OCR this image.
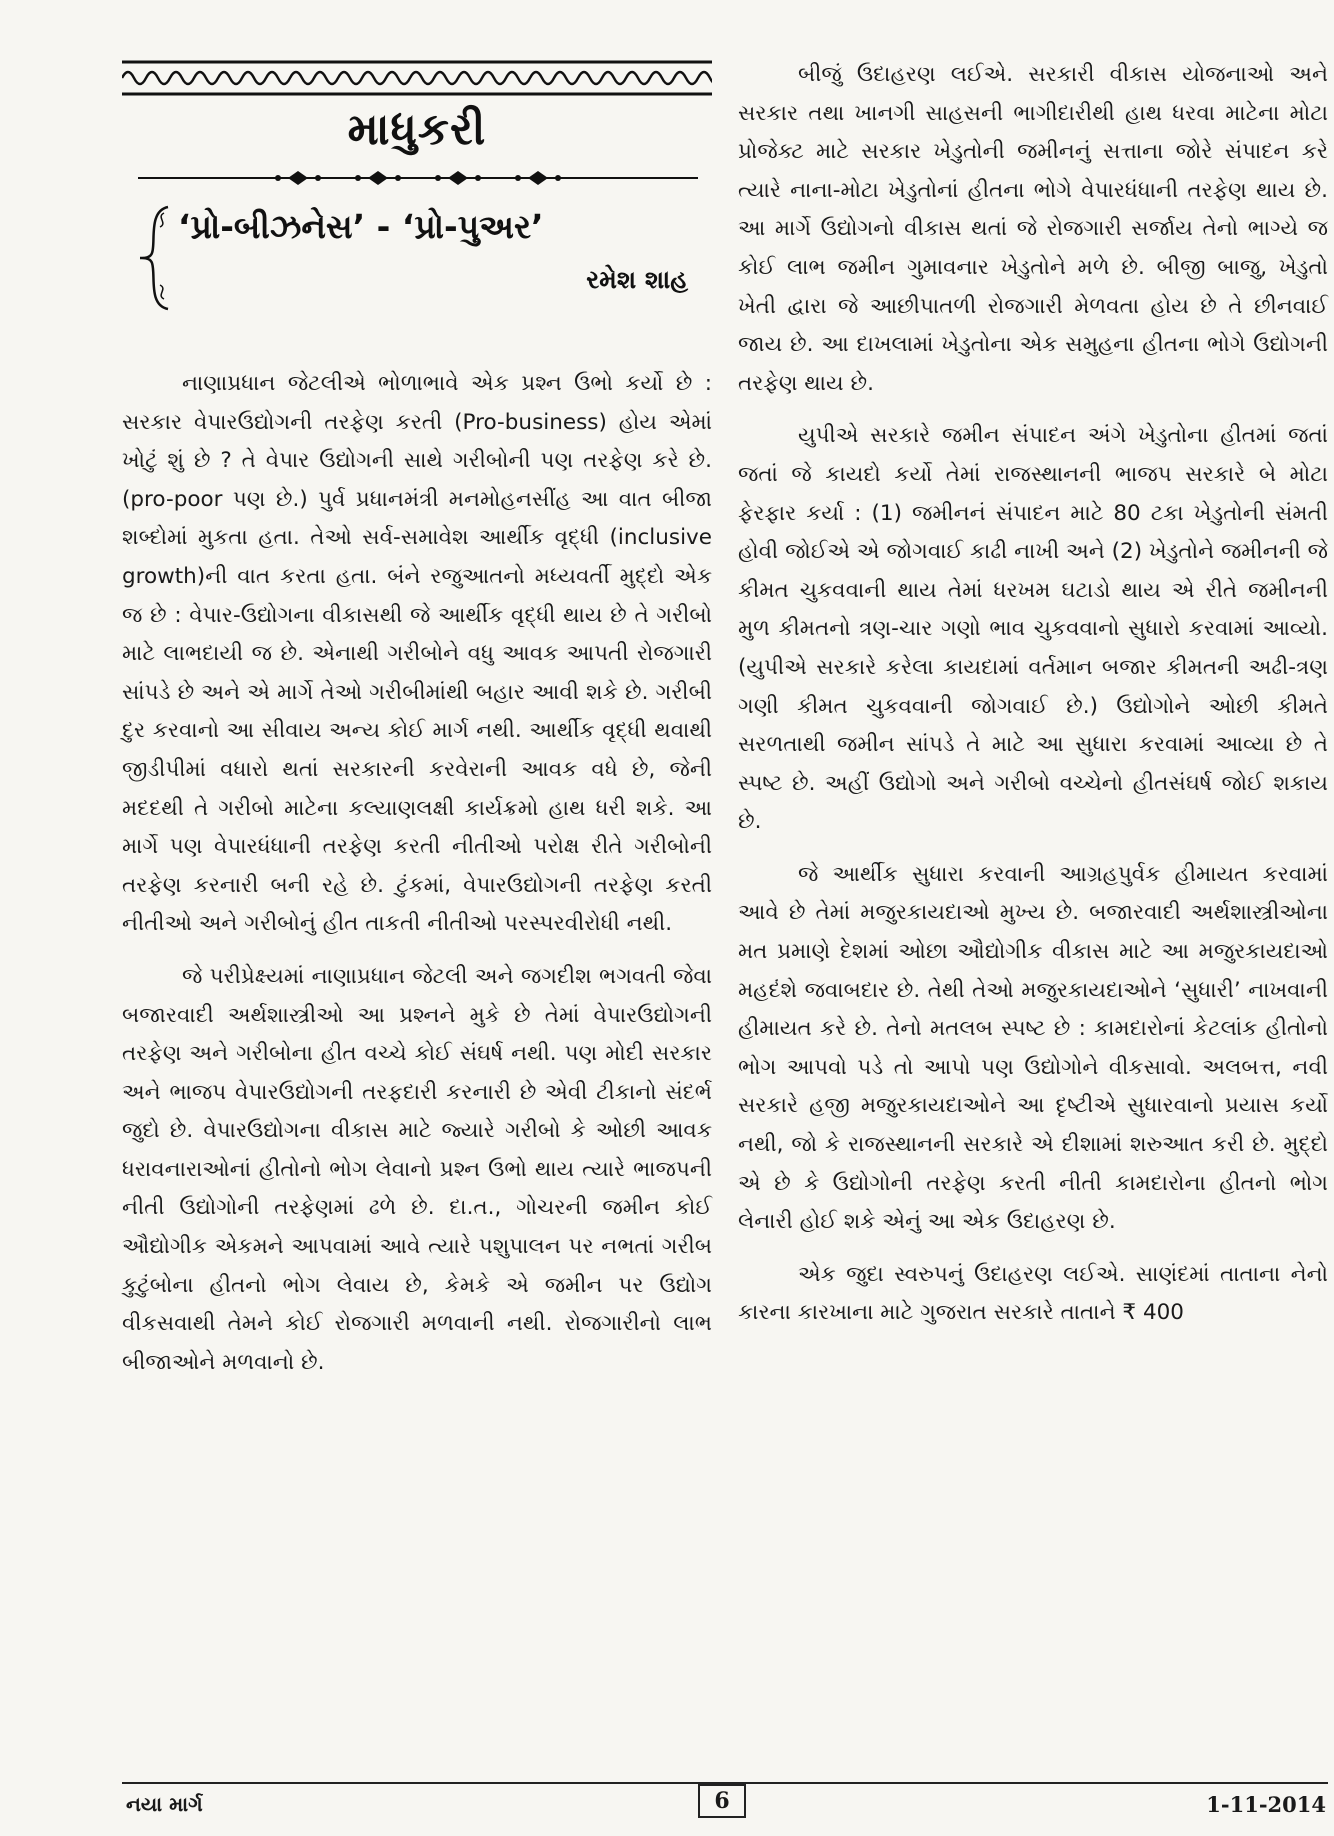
માધુકરી
‘પ્રો-બીઝનેસ’ - ‘પ્રો-પુઅર’
રમેશ શાહ

નાણાપ્રધાન જેટલીએ ભોળાભાવે એક પ્રશ્ન ઉભો કર્યો છે : સરકાર વેપારઉદ્યોગની તરફેણ કરતી (Pro-business) હોય એમાં ખોટું શું છે ? તે વેપાર ઉદ્યોગની સાથે ગરીબોની પણ તરફેણ કરે છે. (pro-poor પણ છે.) પુર્વ પ્રધાનમંત્રી મનમોહનસીંહ આ વાત બીજા શબ્દોમાં મુકતા હતા. તેઓ સર્વ-સમાવેશ આર્થીક વૃદ્ધી (inclusive growth)ની વાત કરતા હતા. બંને રજુઆતનો મધ્યવર્તી મુદ્દો એક જ છે : વેપાર-ઉદ્યોગના વીકાસથી જે આર્થીક વૃદ્ધી થાય છે તે ગરીબો માટે લાભદાયી જ છે. એનાથી ગરીબોને વધુ આવક આપતી રોજગારી સાંપડે છે અને એ માર્ગે તેઓ ગરીબીમાંથી બહાર આવી શકે છે. ગરીબી દુર કરવાનો આ સીવાય અન્ય કોઈ માર્ગ નથી. આર્થીક વૃદ્ધી થવાથી જીડીપીમાં વધારો થતાં સરકારની કરવેરાની આવક વધે છે, જેની મદદથી તે ગરીબો માટેના કલ્યાણલક્ષી કાર્યક્રમો હાથ ધરી શકે. આ માર્ગે પણ વેપારધંધાની તરફેણ કરતી નીતીઓ પરોક્ષ રીતે ગરીબોની તરફેણ કરનારી બની રહે છે. ટુંકમાં, વેપારઉદ્યોગની તરફેણ કરતી નીતીઓ અને ગરીબોનું હીત તાકતી નીતીઓ પરસ્પરવીરોધી નથી.

જે પરીપ્રેક્ષ્યમાં નાણાપ્રધાન જેટલી અને જગદીશ ભગવતી જેવા બજારવાદી અર્થશાસ્ત્રીઓ આ પ્રશ્નને મુકે છે તેમાં વેપારઉદ્યોગની તરફેણ અને ગરીબોના હીત વચ્ચે કોઈ સંઘર્ષ નથી. પણ મોદી સરકાર અને ભાજપ વેપારઉદ્યોગની તરફદારી કરનારી છે એવી ટીકાનો સંદર્ભ જુદો છે. વેપારઉદ્યોગના વીકાસ માટે જ્યારે ગરીબો કે ઓછી આવક ધરાવનારાઓનાં હીતોનો ભોગ લેવાનો પ્રશ્ન ઉભો થાય ત્યારે ભાજપની નીતી ઉદ્યોગોની તરફેણમાં ઢળે છે. દા.ત., ગોચરની જમીન કોઈ ઔદ્યોગીક એકમને આપવામાં આવે ત્યારે પશુપાલન પર નભતાં ગરીબ કુટુંબોના હીતનો ભોગ લેવાય છે, કેમકે એ જમીન પર ઉદ્યોગ વીકસવાથી તેમને કોઈ રોજગારી મળવાની નથી. રોજગારીનો લાભ બીજાઓને મળવાનો છે.

બીજું ઉદાહરણ લઈએ. સરકારી વીકાસ યોજનાઓ અને સરકાર તથા ખાનગી સાહસની ભાગીદારીથી હાથ ધરવા માટેના મોટા પ્રોજેક્ટ માટે સરકાર ખેડુતોની જમીનનું સત્તાના જોરે સંપાદન કરે ત્યારે નાના-મોટા ખેડુતોનાં હીતના ભોગે વેપારધંધાની તરફેણ થાય છે. આ માર્ગે ઉદ્યોગનો વીકાસ થતાં જે રોજગારી સર્જાય તેનો ભાગ્યે જ કોઈ લાભ જમીન ગુમાવનાર ખેડુતોને મળે છે. બીજી બાજુ, ખેડુતો ખેતી દ્વારા જે આછીપાતળી રોજગારી મેળવતા હોય છે તે છીનવાઈ જાય છે. આ દાખલામાં ખેડુતોના એક સમુહના હીતના ભોગે ઉદ્યોગની તરફેણ થાય છે.

યુપીએ સરકારે જમીન સંપાદન અંગે ખેડુતોના હીતમાં જતાં જતાં જે કાયદો કર્યો તેમાં રાજસ્થાનની ભાજપ સરકારે બે મોટા ફેરફાર કર્યા : (1) જમીનનં સંપાદન માટે 80 ટકા ખેડુતોની સંમતી હોવી જોઈએ એ જોગવાઈ કાઢી નાખી અને (2) ખેડુતોને જમીનની જે કીમત ચુકવવાની થાય તેમાં ધરખમ ઘટાડો થાય એ રીતે જમીનની મુળ કીમતનો ત્રણ-ચાર ગણો ભાવ ચુકવવાનો સુધારો કરવામાં આવ્યો. (યુપીએ સરકારે કરેલા કાયદામાં વર્તમાન બજાર કીમતની અઢી-ત્રણ ગણી કીમત ચુકવવાની જોગવાઈ છે.) ઉદ્યોગોને ઓછી કીમતે સરળતાથી જમીન સાંપડે તે માટે આ સુધારા કરવામાં આવ્યા છે તે સ્પષ્ટ છે. અહીં ઉદ્યોગો અને ગરીબો વચ્ચેનો હીતસંઘર્ષ જોઈ શકાય છે.

જે આર્થીક સુધારા કરવાની આગ્રહપુર્વક હીમાયત કરવામાં આવે છે તેમાં મજુરકાયદાઓ મુખ્ય છે. બજારવાદી અર્થશાસ્ત્રીઓના મત પ્રમાણે દેશમાં ઓછા ઔદ્યોગીક વીકાસ માટે આ મજુરકાયદાઓ મહદંશે જવાબદાર છે. તેથી તેઓ મજુરકાયદાઓને ‘સુધારી’ નાખવાની હીમાયત કરે છે. તેનો મતલબ સ્પષ્ટ છે : કામદારોનાં કેટલાંક હીતોનો ભોગ આપવો પડે તો આપો પણ ઉદ્યોગોને વીકસાવો. અલબત્ત, નવી સરકારે હજી મજુરકાયદાઓને આ દૃષ્ટીએ સુધારવાનો પ્રયાસ કર્યો નથી, જો કે રાજસ્થાનની સરકારે એ દીશામાં શરુઆત કરી છે. મુદ્દો એ છે કે ઉદ્યોગોની તરફેણ કરતી નીતી કામદારોના હીતનો ભોગ લેનારી હોઈ શકે એનું આ એક ઉદાહરણ છે.

એક જુદા સ્વરુપનું ઉદાહરણ લઈએ. સાણંદમાં તાતાના નેનો કારના કારખાના માટે ગુજરાત સરકારે તાતાને ₹ 400

નયા માર્ગ	6	1-11-2014
